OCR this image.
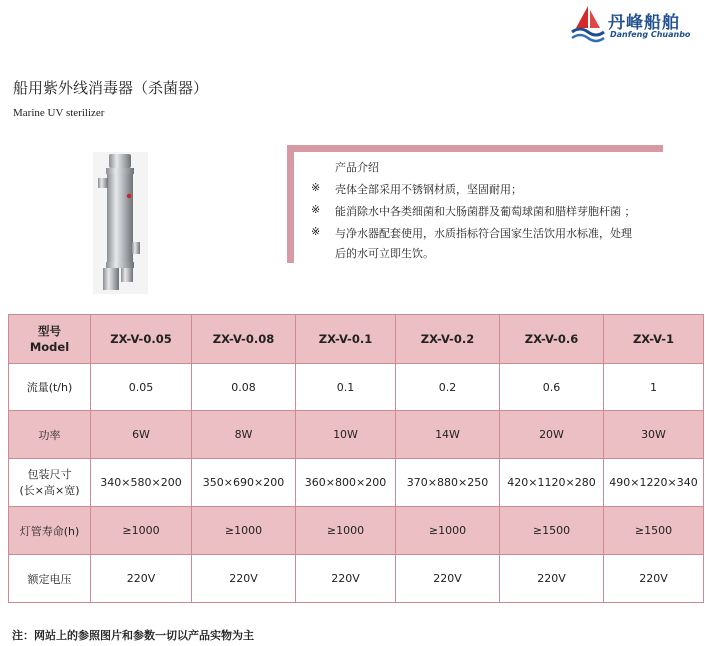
丹峰船舶
Danfeng Chuanbo
船用紫外线消毒器（杀菌器）
Marine UV sterilizer
产品介绍
※ 壳体全部采用不锈钢材质，坚固耐用；
※ 能消除水中各类细菌和大肠菌群及葡萄球菌和腊样芽胞杆菌 ；
※ 与净水器配套使用，水质指标符合国家生活饮用水标准，处理
后的水可立即生饮。
型号
Model	ZX-V-0.05	ZX-V-0.08	ZX-V-0.1	ZX-V-0.2	ZX-V-0.6	ZX-V-1
流量(t/h)	0.05	0.08	0.1	0.2	0.6	1
功率	6W	8W	10W	14W	20W	30W

包装尺寸
(长×高×宽)	340×580×200	350×690×200	360×800×200	370×880×250	420×1120×280	490×1220×340
灯管寿命(h)	≥1000	≥1000	≥1000	≥1000	≥1500	≥1500
额定电压	220V	220V	220V	220V	220V	220V
注：网站上的参照图片和参数一切以产品实物为主
